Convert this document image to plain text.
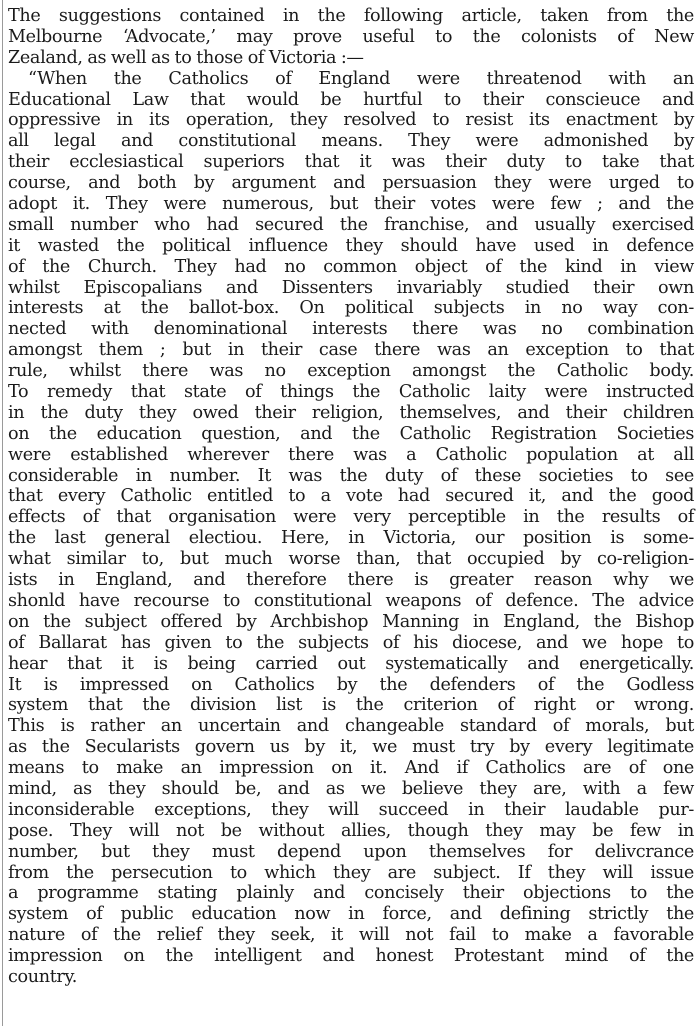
The suggestions contained in the following article, taken from the
Melbourne ‘Advocate,’ may prove useful to the colonists of New
Zealand, as well as to those of Victoria :—
“When the Catholics of England were threatenod with an
Educational Law that would be hurtful to their conscieuce and
oppressive in its operation, they resolved to resist its enactment by
all legal and constitutional means. They were admonished by
their ecclesiastical superiors that it was their duty to take that
course, and both by argument and persuasion they were urged to
adopt it. They were numerous, but their votes were few ; and the
small number who had secured the franchise, and usually exercised
it wasted the political influence they should have used in defence
of the Church. They had no common object of the kind in view
whilst Episcopalians and Dissenters invariably studied their own
interests at the ballot-box. On political subjects in no way con-
nected with denominational interests there was no combination
amongst them ; but in their case there was an exception to that
rule, whilst there was no exception amongst the Catholic body.
To remedy that state of things the Catholic laity were instructed
in the duty they owed their religion, themselves, and their children
on the education question, and the Catholic Registration Societies
were established wherever there was a Catholic population at all
considerable in number. It was the duty of these societies to see
that every Catholic entitled to a vote had secured it, and the good
effects of that organisation were very perceptible in the results of
the last general electiou. Here, in Victoria, our position is some-
what similar to, but much worse than, that occupied by co-religion-
ists in England, and therefore there is greater reason why we
shonld have recourse to constitutional weapons of defence. The advice
on the subject offered by Archbishop Manning in England, the Bishop
of Ballarat has given to the subjects of his diocese, and we hope to
hear that it is being carried out systematically and energetically.
It is impressed on Catholics by the defenders of the Godless
system that the division list is the criterion of right or wrong.
This is rather an uncertain and changeable standard of morals, but
as the Secularists govern us by it, we must try by every legitimate
means to make an impression on it. And if Catholics are of one
mind, as they should be, and as we believe they are, with a few
inconsiderable exceptions, they will succeed in their laudable pur-
pose. They will not be without allies, though they may be few in
number, but they must depend upon themselves for delivcrance
from the persecution to which they are subject. If they will issue
a programme stating plainly and concisely their objections to the
system of public education now in force, and defining strictly the
nature of the relief they seek, it will not fail to make a favorable
impression on the intelligent and honest Protestant mind of the
country.
